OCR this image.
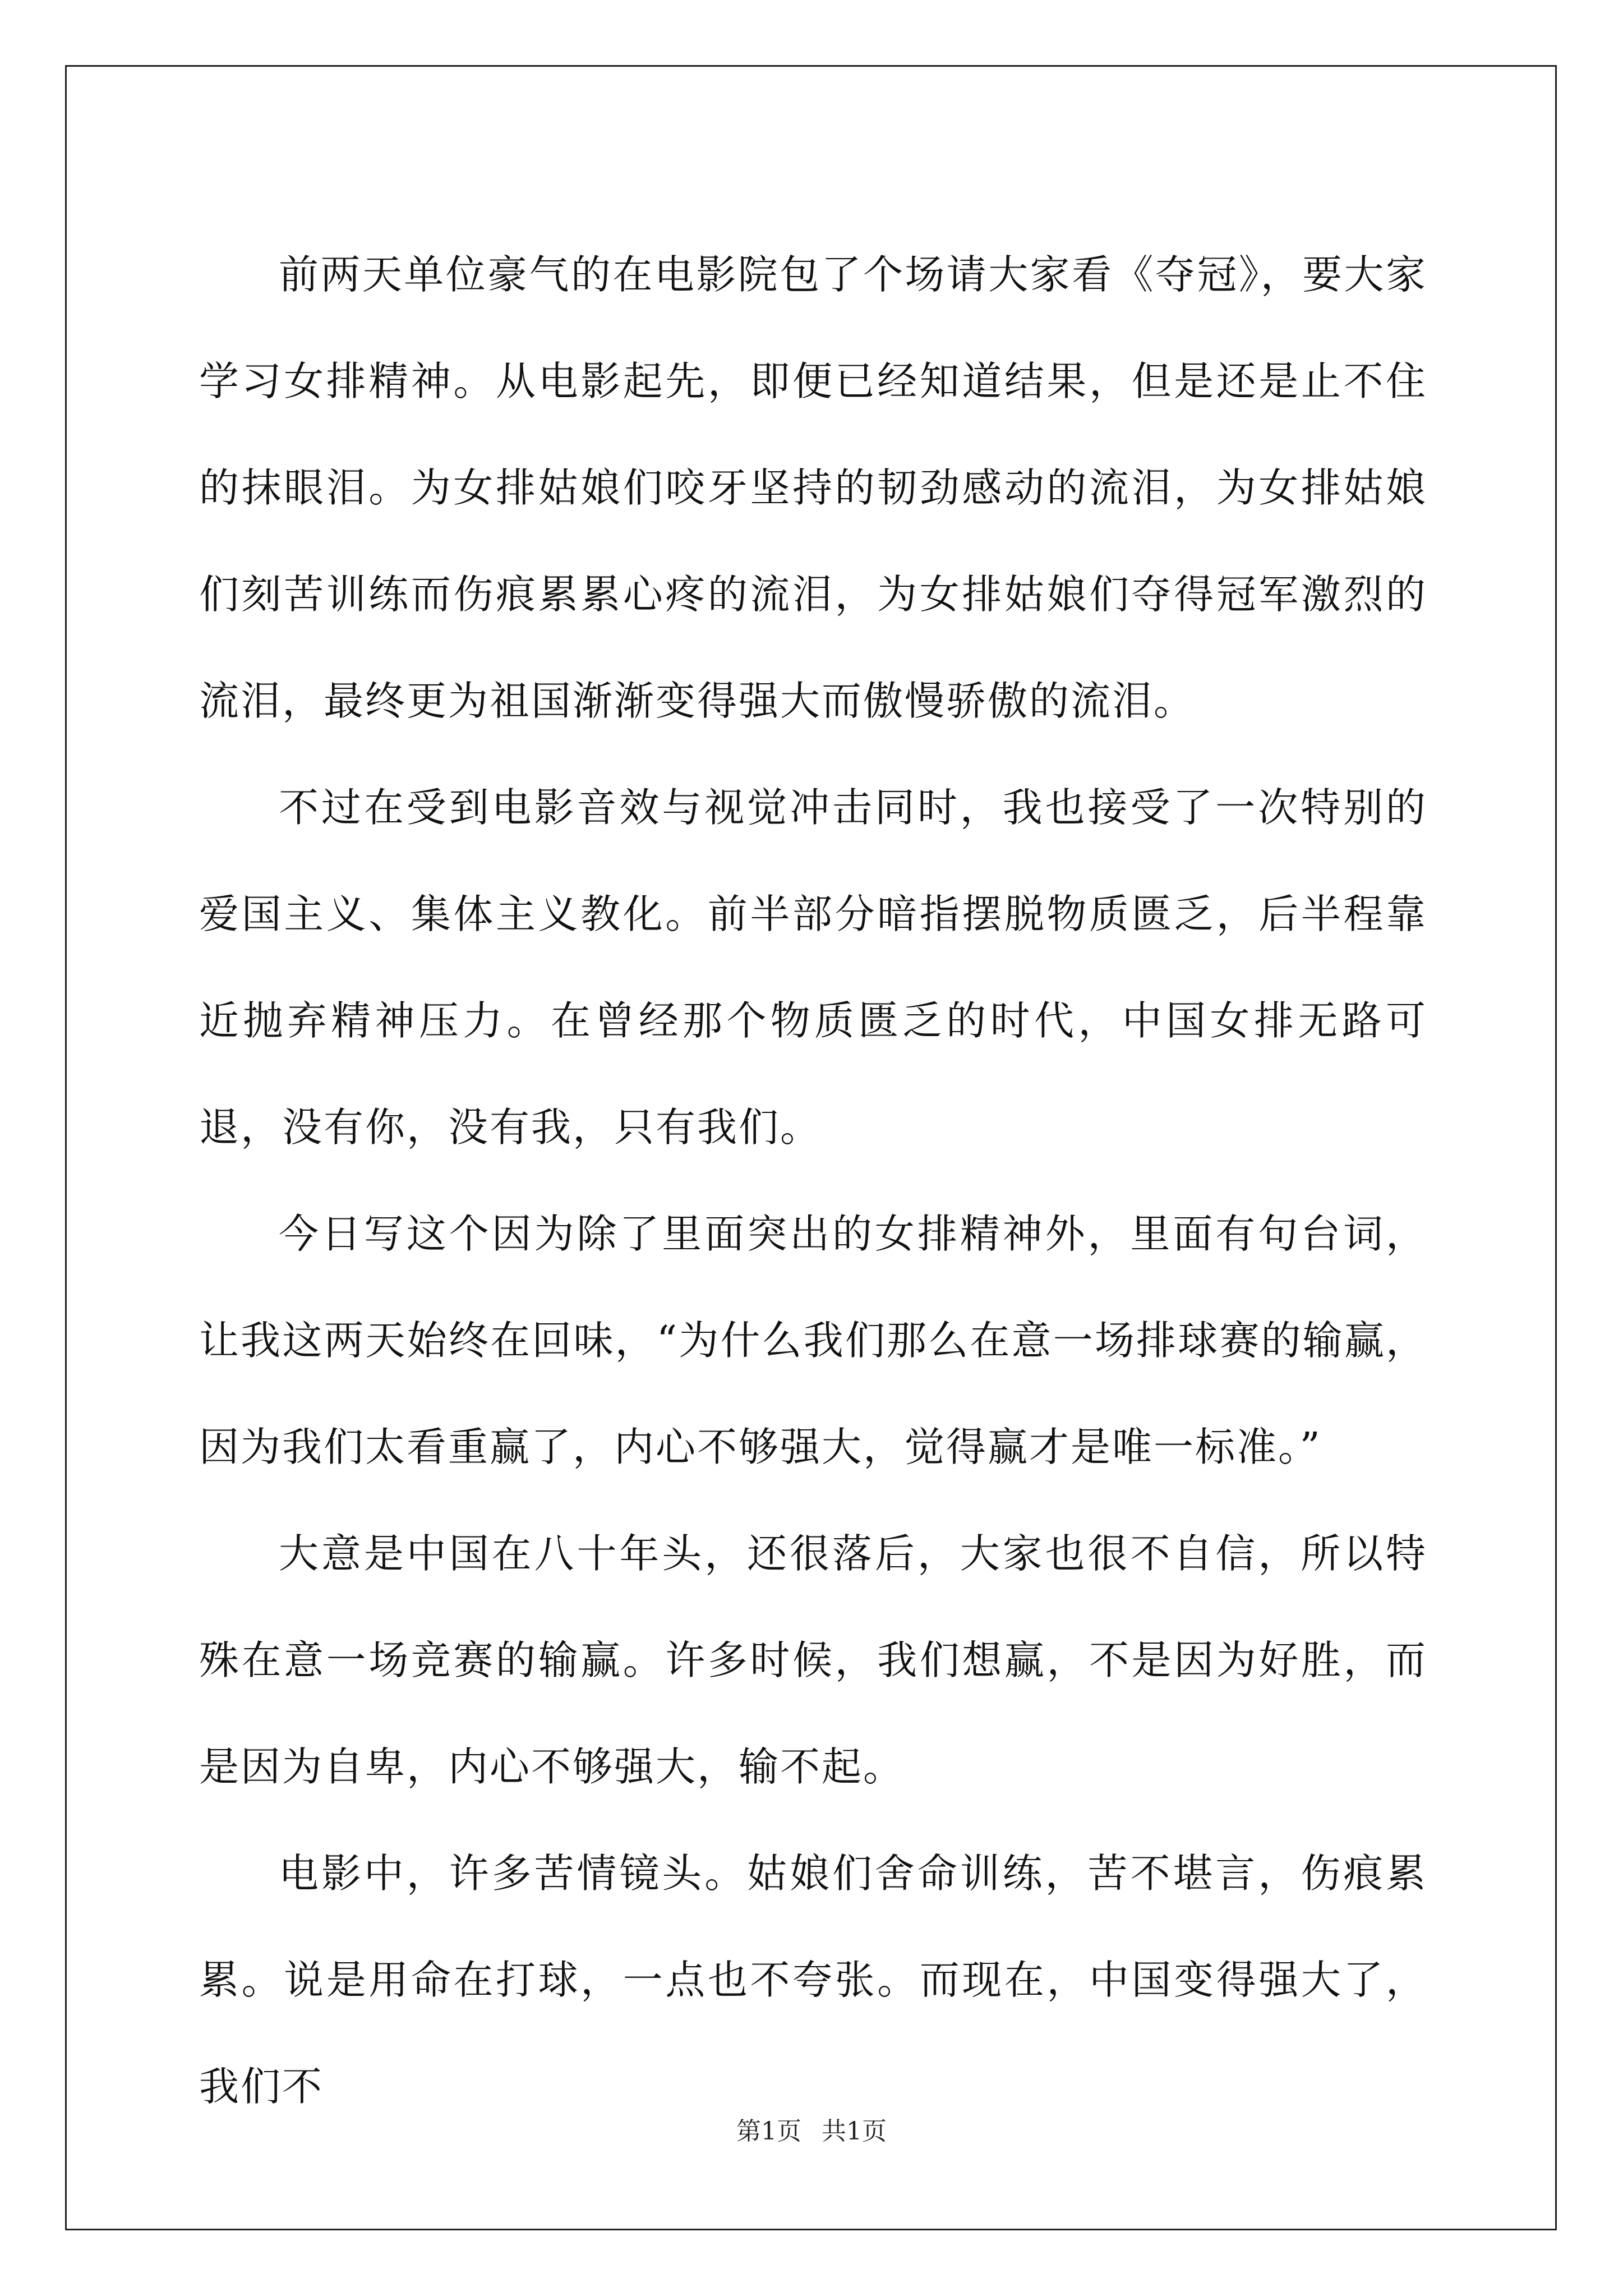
前两天单位豪气的在电影院包了个场请大家看《夺冠》，要大家学习女排精神。从电影起先，即便已经知道结果，但是还是止不住的抹眼泪。为女排姑娘们咬牙坚持的韧劲感动的流泪，为女排姑娘们刻苦训练而伤痕累累心疼的流泪，为女排姑娘们夺得冠军激烈的流泪，最终更为祖国渐渐变得强大而傲慢骄傲的流泪。

不过在受到电影音效与视觉冲击同时，我也接受了一次特别的爱国主义、集体主义教化。前半部分暗指摆脱物质匮乏，后半程靠近抛弃精神压力。在曾经那个物质匮乏的时代，中国女排无路可退，没有你，没有我，只有我们。

今日写这个因为除了里面突出的女排精神外，里面有句台词，让我这两天始终在回味，“为什么我们那么在意一场排球赛的输赢，因为我们太看重赢了，内心不够强大，觉得赢才是唯一标准。”

大意是中国在八十年头，还很落后，大家也很不自信，所以特殊在意一场竞赛的输赢。许多时候，我们想赢，不是因为好胜，而是因为自卑，内心不够强大，输不起。

电影中，许多苦情镜头。姑娘们舍命训练，苦不堪言，伤痕累累。说是用命在打球，一点也不夸张。而现在，中国变得强大了，我们不

第1页 共1页
